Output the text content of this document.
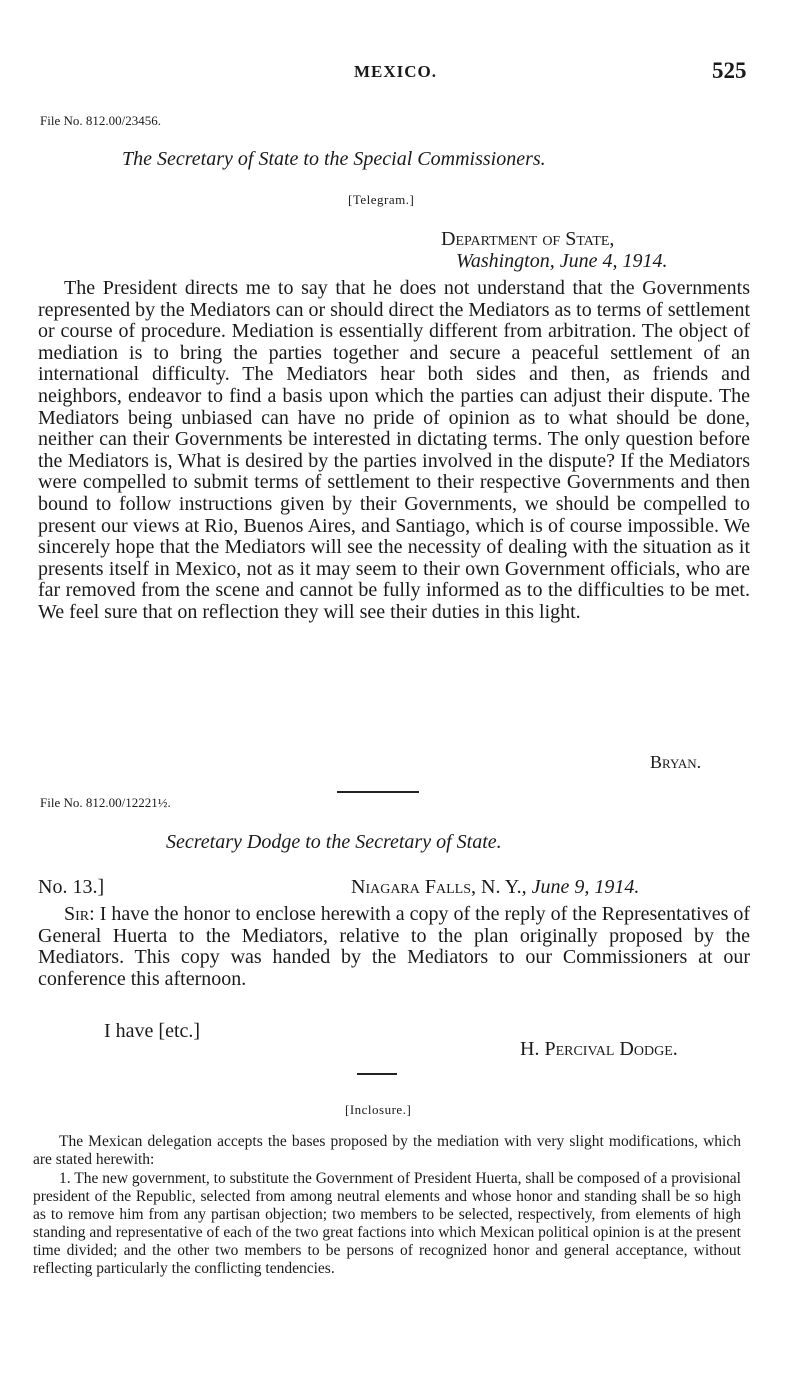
MEXICO.	525
File No. 812.00/23456.
The Secretary of State to the Special Commissioners.
[Telegram.]
Department of State,
Washington, June 4, 1914.

The President directs me to say that he does not understand that the Governments represented by the Mediators can or should direct the Mediators as to terms of settlement or course of procedure. Mediation is essentially different from arbitration. The object of mediation is to bring the parties together and secure a peaceful settlement of an international difficulty. The Mediators hear both sides and then, as friends and neighbors, endeavor to find a basis upon which the parties can adjust their dispute. The Mediators being unbiased can have no pride of opinion as to what should be done, neither can their Governments be interested in dictating terms. The only question before the Mediators is, What is desired by the parties involved in the dispute? If the Mediators were compelled to submit terms of settlement to their respective Governments and then bound to follow instructions given by their Governments, we should be compelled to present our views at Rio, Buenos Aires, and Santiago, which is of course impossible. We sincerely hope that the Mediators will see the necessity of dealing with the situation as it presents itself in Mexico, not as it may seem to their own Government officials, who are far removed from the scene and cannot be fully informed as to the difficulties to be met. We feel sure that on reflection they will see their duties in this light.

Bryan.
File No. 812.00/12221½.
Secretary Dodge to the Secretary of State.
No. 13.]	Niagara Falls, N. Y., June 9, 1914.

Sir: I have the honor to enclose herewith a copy of the reply of the Representatives of General Huerta to the Mediators, relative to the plan originally proposed by the Mediators. This copy was handed by the Mediators to our Commissioners at our conference this afternoon.

I have [etc.]
H. Percival Dodge.
[Inclosure.]

The Mexican delegation accepts the bases proposed by the mediation with very slight modifications, which are stated herewith:

1. The new government, to substitute the Government of President Huerta, shall be composed of a provisional president of the Republic, selected from among neutral elements and whose honor and standing shall be so high as to remove him from any partisan objection; two members to be selected, respectively, from elements of high standing and representative of each of the two great factions into which Mexican political opinion is at the present time divided; and the other two members to be persons of recognized honor and general acceptance, without reflecting particularly the conflicting tendencies.
